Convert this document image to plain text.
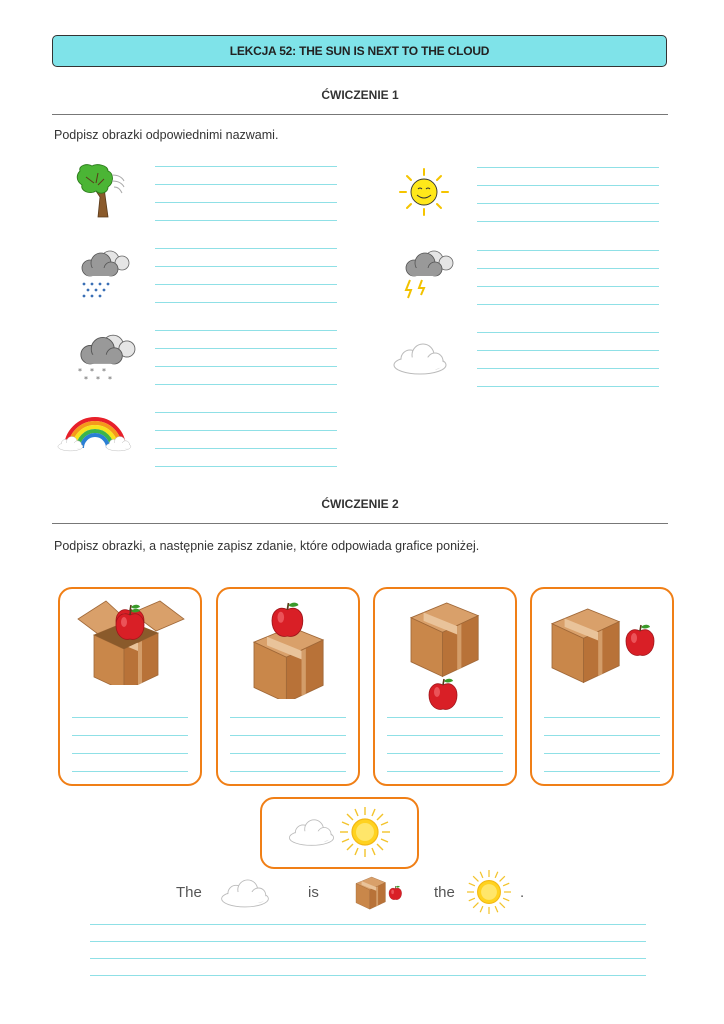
LEKCJA 52: THE SUN IS NEXT TO THE CLOUD
ĆWICZENIE 1
Podpisz obrazki odpowiednimi nazwami.
* * *
* * *
ĆWICZENIE 2
Podpisz obrazki, a następnie zapisz zdanie, które odpowiada grafice poniżej.
The	is	the	.
